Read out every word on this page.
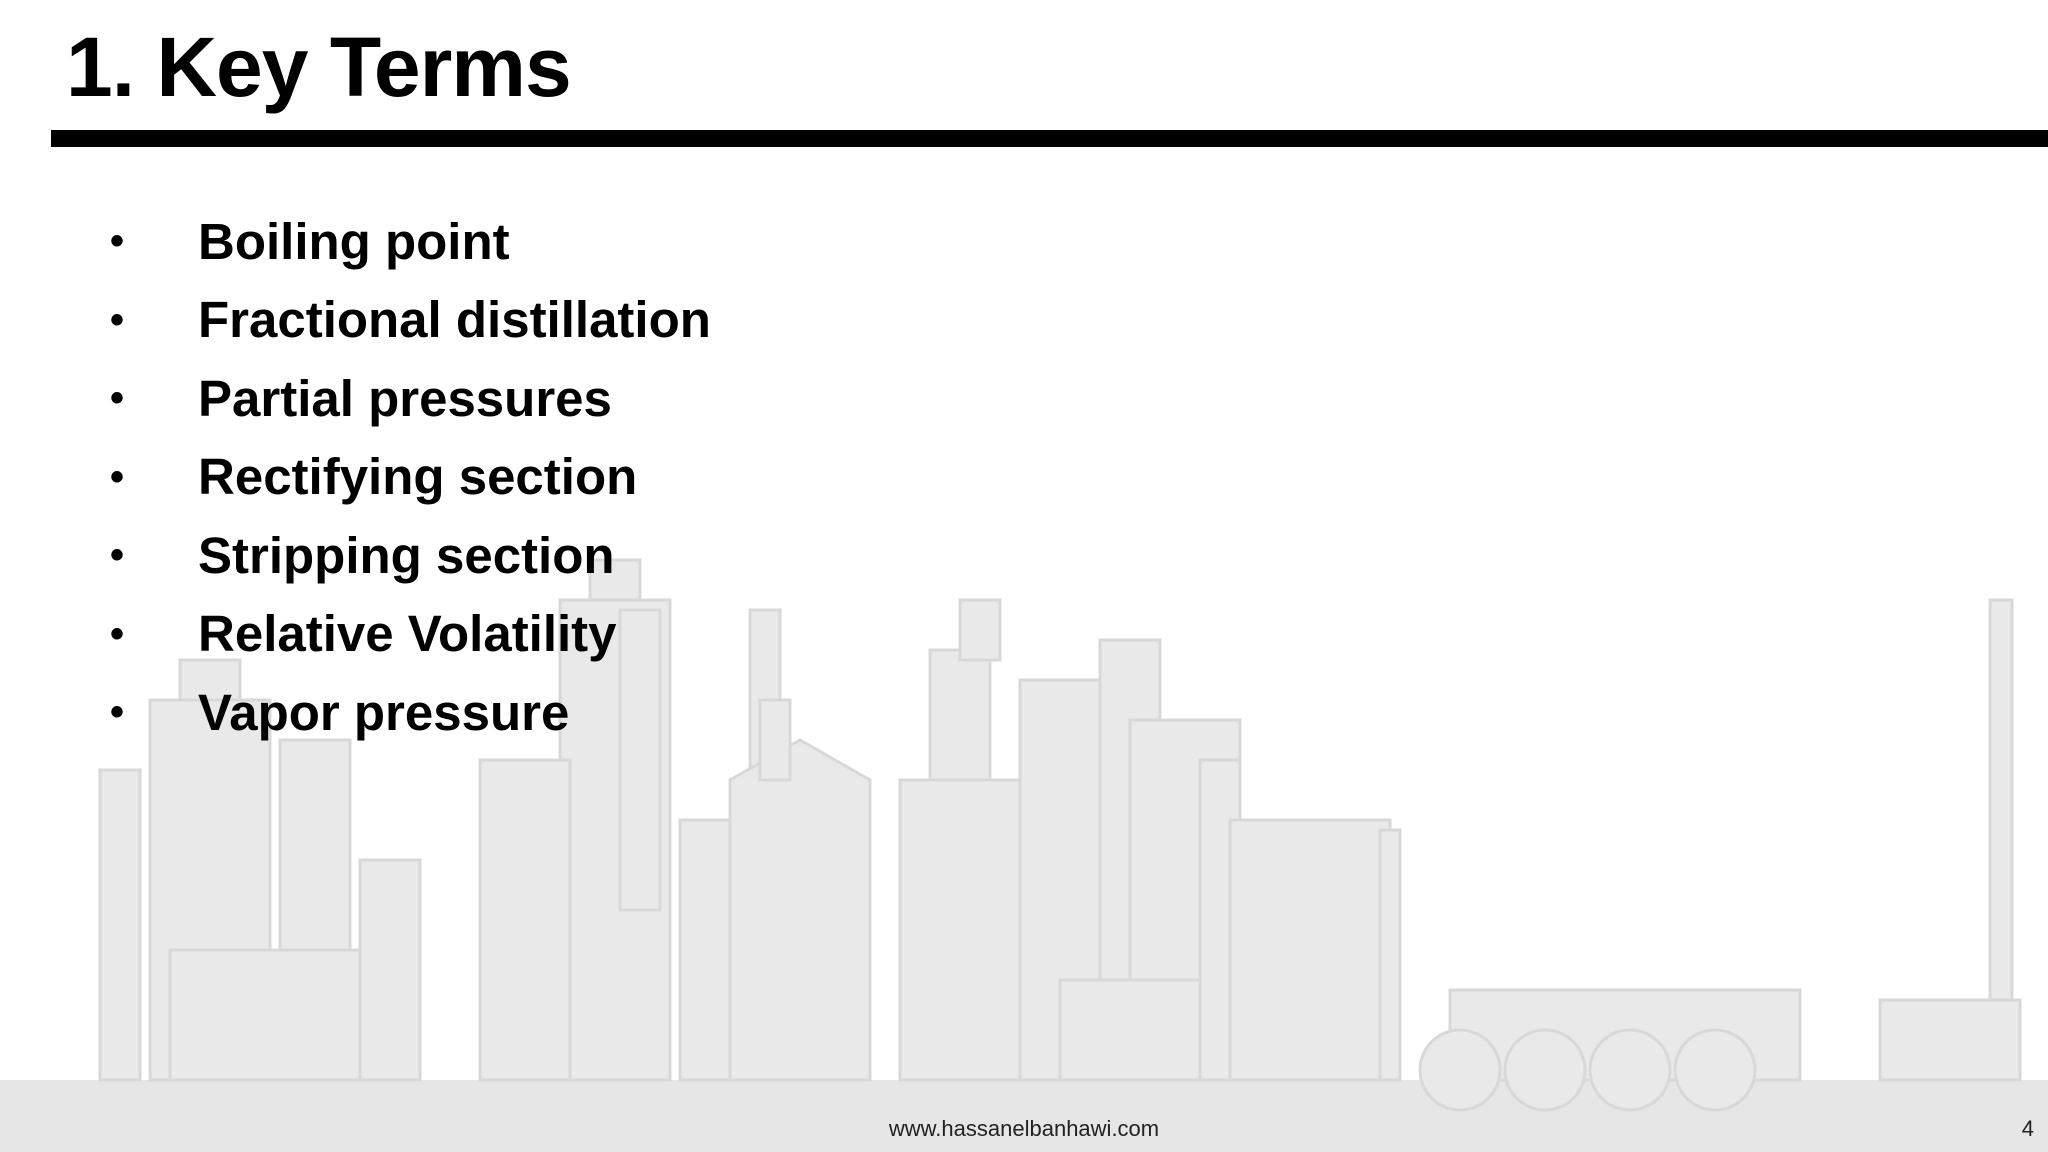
1. Key Terms
•	Boiling point
•	Fractional distillation
•	Partial pressures
•	Rectifying section
•	Stripping section
•	Relative Volatility
•	Vapor pressure
www.hassanelbanhawi.com	4
